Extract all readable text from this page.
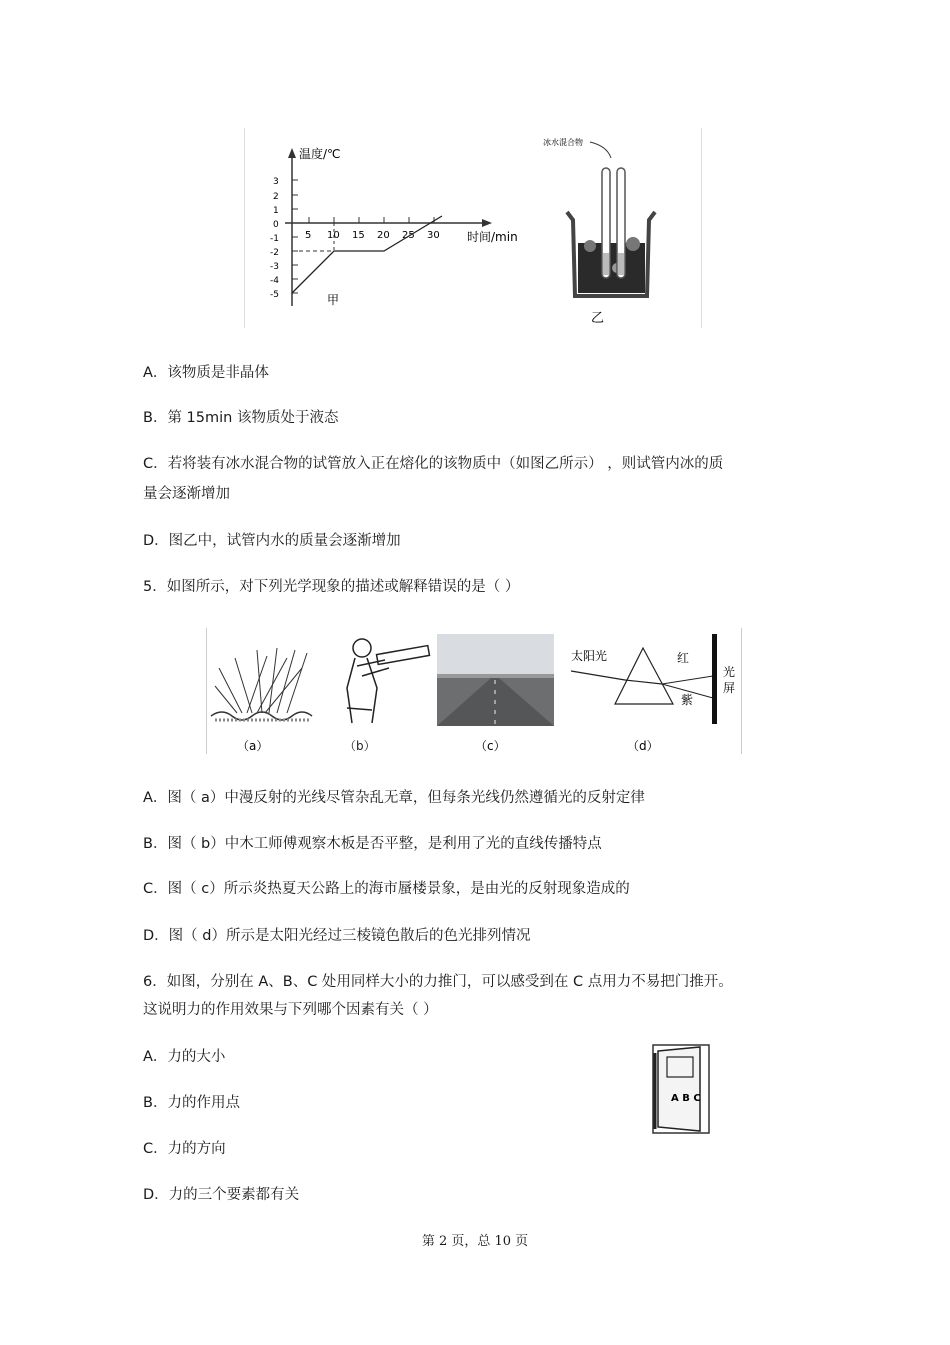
温度/℃
时间/min
3
2
1
0
-1
-2
-3
-4
-5
5 10 15 20 25 30
甲
冰水混合物
乙
A．该物质是非晶体
B．第 15min 该物质处于液态
C．若将装有冰水混合物的试管放入正在熔化的该物质中（如图乙所示） ，则试管内冰的质
量会逐渐增加
D．图乙中，试管内水的质量会逐渐增加
5．如图所示，对下列光学现象的描述或解释错误的是（ ）
（a）	（b）	（c）
太阳光	红
紫
光
屏
（d）
A．图（ a）中漫反射的光线尽管杂乱无章，但每条光线仍然遵循光的反射定律
B．图（ b）中木工师傅观察木板是否平整，是利用了光的直线传播特点
C．图（ c）所示炎热夏天公路上的海市蜃楼景象，是由光的反射现象造成的
D．图（ d）所示是太阳光经过三棱镜色散后的色光排列情况
6．如图，分别在 A、B、C 处用同样大小的力推门，可以感受到在 C 点用力不易把门推开。
这说明力的作用效果与下列哪个因素有关（ ）
A．力的大小
B．力的作用点
C．力的方向
D．力的三个要素都有关
A B C
第 2 页，总 10 页
